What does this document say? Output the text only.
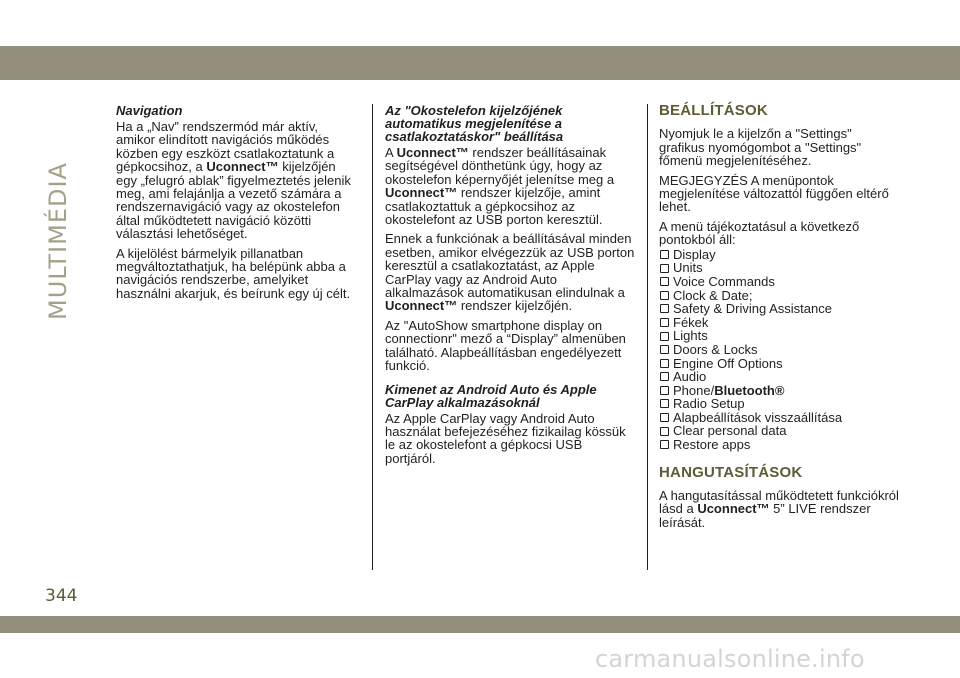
MULTIMÉDIA
Navigation

Ha a „Nav” rendszermód már aktív, amikor elindított navigációs működés közben egy eszközt csatlakoztatunk a gépkocsihoz, a Uconnect™ kijelzőjén egy „felugró ablak” figyelmeztetés jelenik meg, ami felajánlja a vezető számára a rendszernavigáció vagy az okostelefon által működtetett navigáció közötti választási lehetőséget.

A kijelölést bármelyik pillanatban megváltoztathatjuk, ha belépünk abba a navigációs rendszerbe, amelyiket használni akarjuk, és beírunk egy új célt.

Az "Okostelefon kijelzőjének automatikus megjelenítése a csatlakoztatáskor" beállítása

A Uconnect™ rendszer beállításainak segítségével dönthetünk úgy, hogy az okostelefon képernyőjét jelenítse meg a Uconnect™ rendszer kijelzője, amint csatlakoztattuk a gépkocsihoz az okostelefont az USB porton keresztül.

Ennek a funkciónak a beállításával minden esetben, amikor elvégezzük az USB porton keresztül a csatlakoztatást, az Apple CarPlay vagy az Android Auto alkalmazások automatikusan elindulnak a Uconnect™ rendszer kijelzőjén.

Az "AutoShow smartphone display on connectionr" mező a “Display” almenüben található. Alapbeállításban engedélyezett funkció.

Kimenet az Android Auto és Apple CarPlay alkalmazásoknál

Az Apple CarPlay vagy Android Auto használat befejezéséhez fizikailag kössük le az okostelefont a gépkocsi USB portjáról.

BEÁLLÍTÁSOK

Nyomjuk le a kijelzőn a "Settings" grafikus nyomógombot a "Settings" főmenü megjelenítéséhez.

MEGJEGYZÉS A menüpontok megjelenítése változattól függően eltérő lehet.

A menü tájékoztatásul a következő pontokból áll:

Display
Units
Voice Commands
Clock & Date;
Safety & Driving Assistance
Fékek
Lights
Doors & Locks
Engine Off Options
Audio
Phone/ Bluetooth®
Radio Setup
Alapbeállítások visszaállítása
Clear personal data
Restore apps
HANGUTASÍTÁSOK

A hangutasítással működtetett funkciókról lásd a Uconnect™ 5” LIVE rendszer leírását.

344
carmanualsonline.info
